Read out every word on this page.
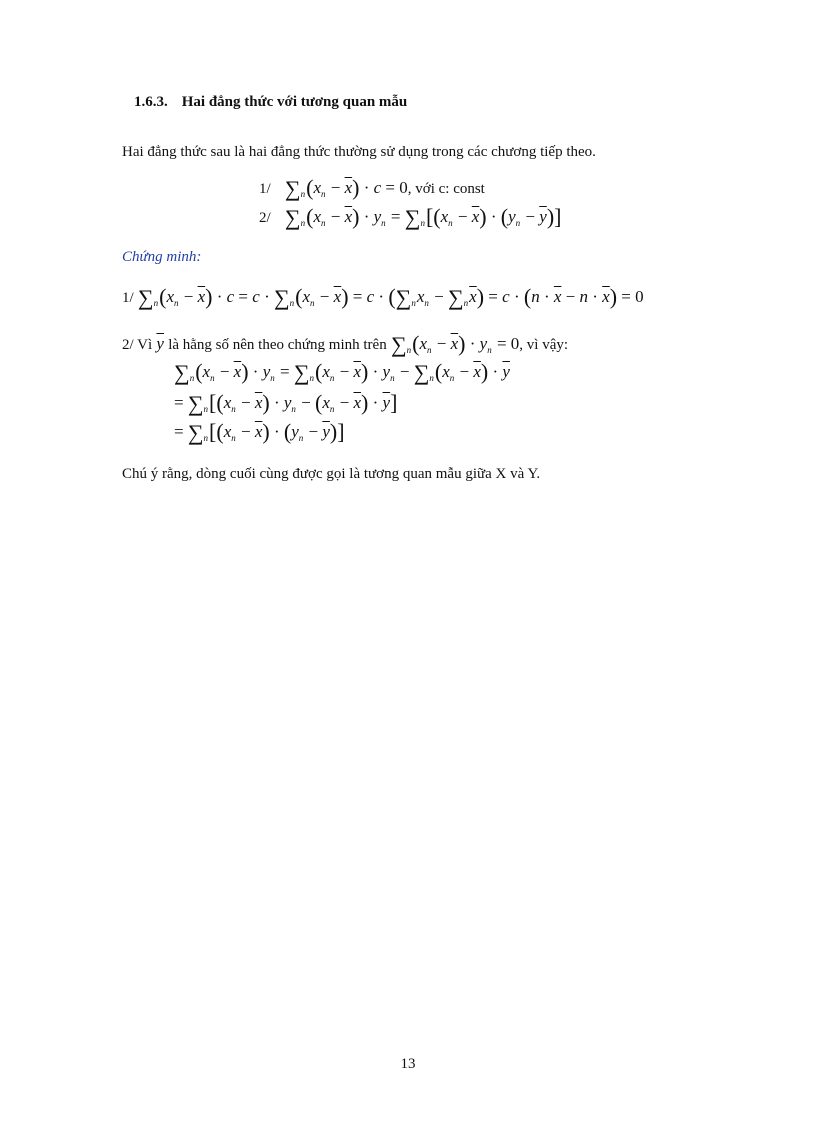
1.6.3. Hai đẳng thức với tương quan mẫu
Hai đẳng thức sau là hai đẳng thức thường sử dụng trong các chương tiếp theo.
1/ $\sum_n(x_n - \overline{x}) \cdot c = 0$, với c: const
2/ $\sum_n(x_n - \overline{x}) \cdot y_n = \sum_n[(x_n - \overline{x}) \cdot (y_n - \overline{y})]$
Chứng minh:
1/ $\sum_n(x_n - \overline{x}) \cdot c = c \cdot \sum_n(x_n - \overline{x}) = c \cdot (\sum_nx_n - \sum_n\overline{x}) = c \cdot (n \cdot \overline{x} - n \cdot \overline{x}) = 0$
2/ Vì $\overline{y}$ là hằng số nên theo chứng minh trên $\sum_n(x_n - \overline{x}) \cdot y_n = 0$, vì vậy:
$\sum_n(x_n - \overline{x}) \cdot y_n = \sum_n(x_n - \overline{x}) \cdot y_n - \sum_n(x_n - \overline{x}) \cdot \overline{y}$
= $\sum_n[(x_n - \overline{x}) \cdot y_n - (x_n - \overline{x}) \cdot \overline{y}]$
= $\sum_n[(x_n - \overline{x}) \cdot (y_n - \overline{y})]$
Chú ý rằng, dòng cuối cùng được gọi là tương quan mẫu giữa X và Y.
13
